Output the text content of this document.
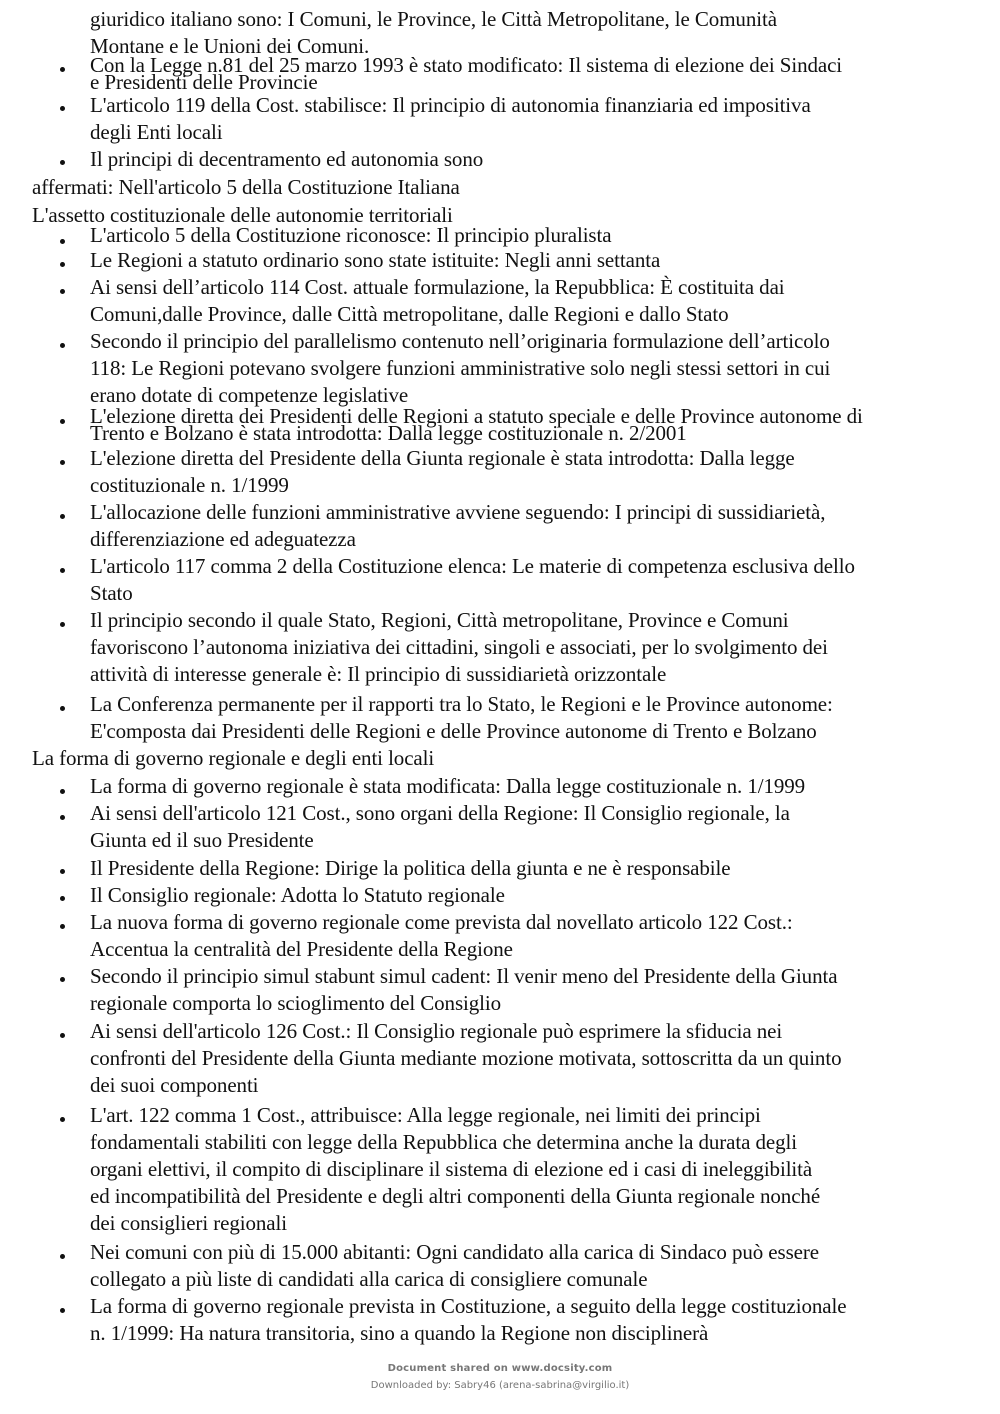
giuridico italiano sono: I Comuni, le Province, le Città Metropolitane, le Comunità
Montane e le Unioni dei Comuni.
Con la Legge n.81 del 25 marzo 1993 è stato modificato: Il sistema di elezione dei Sindaci
e Presidenti delle Provincie
L'articolo 119 della Cost. stabilisce: Il principio di autonomia finanziaria ed impositiva
degli Enti locali
Il principi di decentramento ed autonomia sono
affermati: Nell'articolo 5 della Costituzione Italiana
L'assetto costituzionale delle autonomie territoriali
L'articolo 5 della Costituzione riconosce: Il principio pluralista
Le Regioni a statuto ordinario sono state istituite: Negli anni settanta
Ai sensi dell’articolo 114 Cost. attuale formulazione, la Repubblica: È costituita dai
Comuni,dalle Province, dalle Città metropolitane, dalle Regioni e dallo Stato
Secondo il principio del parallelismo contenuto nell’originaria formulazione dell’articolo
118: Le Regioni potevano svolgere funzioni amministrative solo negli stessi settori in cui
erano dotate di competenze legislative
L'elezione diretta dei Presidenti delle Regioni a statuto speciale e delle Province autonome di
Trento e Bolzano è stata introdotta: Dalla legge costituzionale n. 2/2001
L'elezione diretta del Presidente della Giunta regionale è stata introdotta: Dalla legge
costituzionale n. 1/1999
L'allocazione delle funzioni amministrative avviene seguendo: I principi di sussidiarietà,
differenziazione ed adeguatezza
L'articolo 117 comma 2 della Costituzione elenca: Le materie di competenza esclusiva dello
Stato
Il principio secondo il quale Stato, Regioni, Città metropolitane, Province e Comuni
favoriscono l’autonoma iniziativa dei cittadini, singoli e associati, per lo svolgimento dei
attività di interesse generale è: Il principio di sussidiarietà orizzontale
La Conferenza permanente per il rapporti tra lo Stato, le Regioni e le Province autonome:
E'composta dai Presidenti delle Regioni e delle Province autonome di Trento e Bolzano
La forma di governo regionale e degli enti locali
La forma di governo regionale è stata modificata: Dalla legge costituzionale n. 1/1999
Ai sensi dell'articolo 121 Cost., sono organi della Regione: Il Consiglio regionale, la
Giunta ed il suo Presidente
Il Presidente della Regione: Dirige la politica della giunta e ne è responsabile
Il Consiglio regionale: Adotta lo Statuto regionale
La nuova forma di governo regionale come prevista dal novellato articolo 122 Cost.:
Accentua la centralità del Presidente della Regione
Secondo il principio simul stabunt simul cadent: Il venir meno del Presidente della Giunta
regionale comporta lo scioglimento del Consiglio
Ai sensi dell'articolo 126 Cost.: Il Consiglio regionale può esprimere la sfiducia nei
confronti del Presidente della Giunta mediante mozione motivata, sottoscritta da un quinto
dei suoi componenti
L'art. 122 comma 1 Cost., attribuisce: Alla legge regionale, nei limiti dei principi
fondamentali stabiliti con legge della Repubblica che determina anche la durata degli
organi elettivi, il compito di disciplinare il sistema di elezione ed i casi di ineleggibilità
ed incompatibilità del Presidente e degli altri componenti della Giunta regionale nonché
dei consiglieri regionali
Nei comuni con più di 15.000 abitanti: Ogni candidato alla carica di Sindaco può essere
collegato a più liste di candidati alla carica di consigliere comunale
La forma di governo regionale prevista in Costituzione, a seguito della legge costituzionale
n. 1/1999: Ha natura transitoria, sino a quando la Regione non disciplinerà
Document shared on www.docsity.com
Downloaded by: Sabry46 (arena-sabrina@virgilio.it)
